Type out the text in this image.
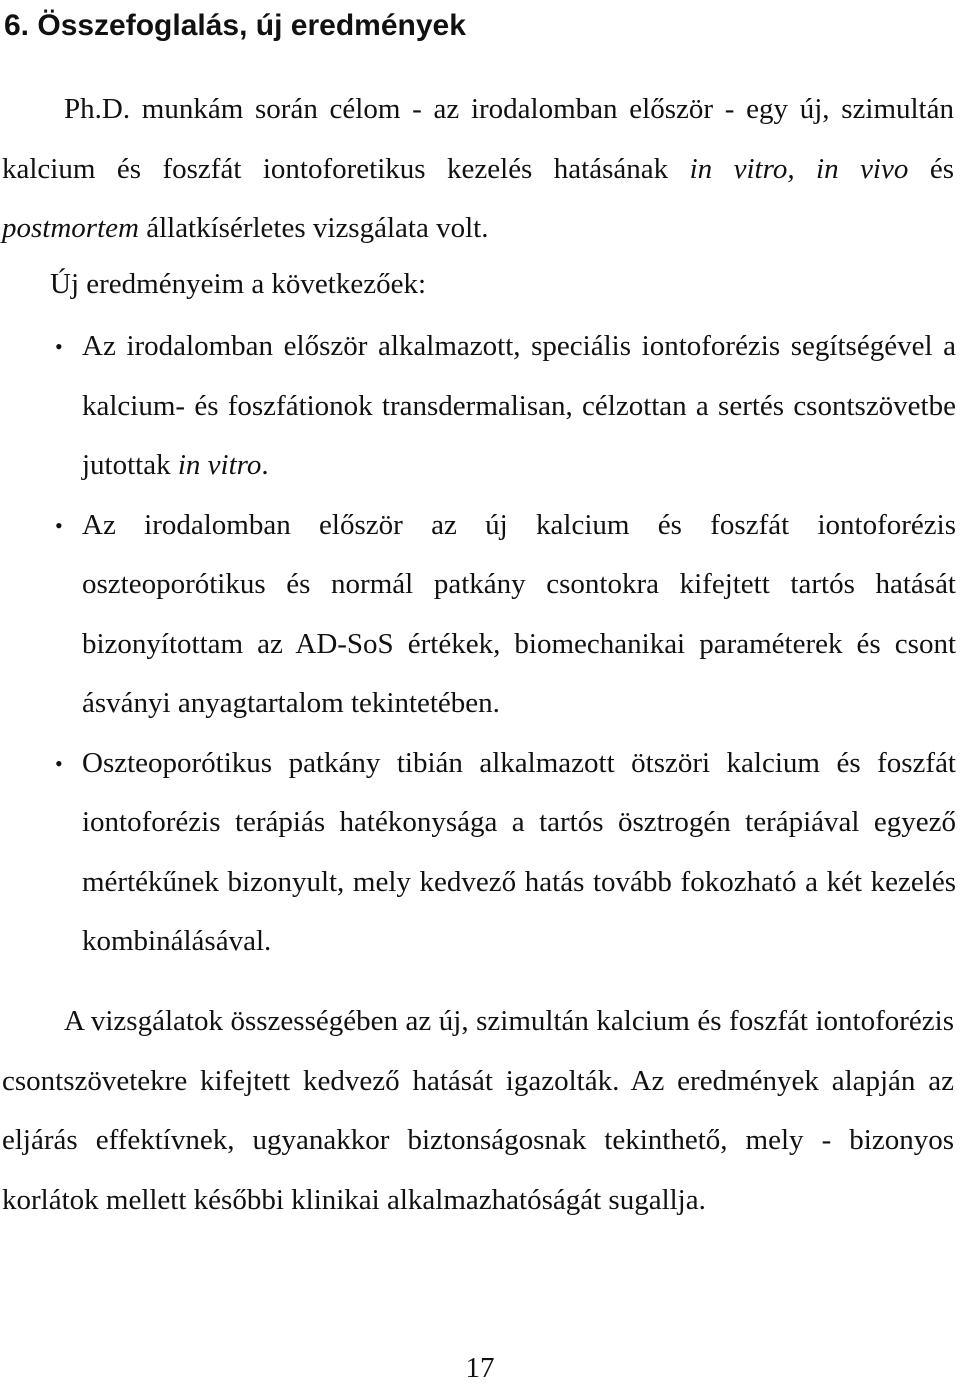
6. Összefoglalás, új eredmények

Ph.D. munkám során célom - az irodalomban először - egy új, szimultán kalcium és foszfát iontoforetikus kezelés hatásának in vitro, in vivo és postmortem állatkísérletes vizsgálata volt.

Új eredményeim a következőek:

• Az irodalomban először alkalmazott, speciális iontoforézis segítségével a kalcium- és foszfátionok transdermalisan, célzottan a sertés csontszövetbe jutottak in vitro.
• Az irodalomban először az új kalcium és foszfát iontoforézis oszteoporótikus és normál patkány csontokra kifejtett tartós hatását bizonyítottam az AD-SoS értékek, biomechanikai paraméterek és csont ásványi anyagtartalom tekintetében.
• Oszteoporótikus patkány tibián alkalmazott ötszöri kalcium és foszfát iontoforézis terápiás hatékonysága a tartós ösztrogén terápiával egyező mértékűnek bizonyult, mely kedvező hatás tovább fokozható a két kezelés kombinálásával.

A vizsgálatok összességében az új, szimultán kalcium és foszfát iontoforézis csontszövetekre kifejtett kedvező hatását igazolták. Az eredmények alapján az eljárás effektívnek, ugyanakkor biztonságosnak tekinthető, mely - bizonyos korlátok mellett későbbi klinikai alkalmazhatóságát sugallja.

17
